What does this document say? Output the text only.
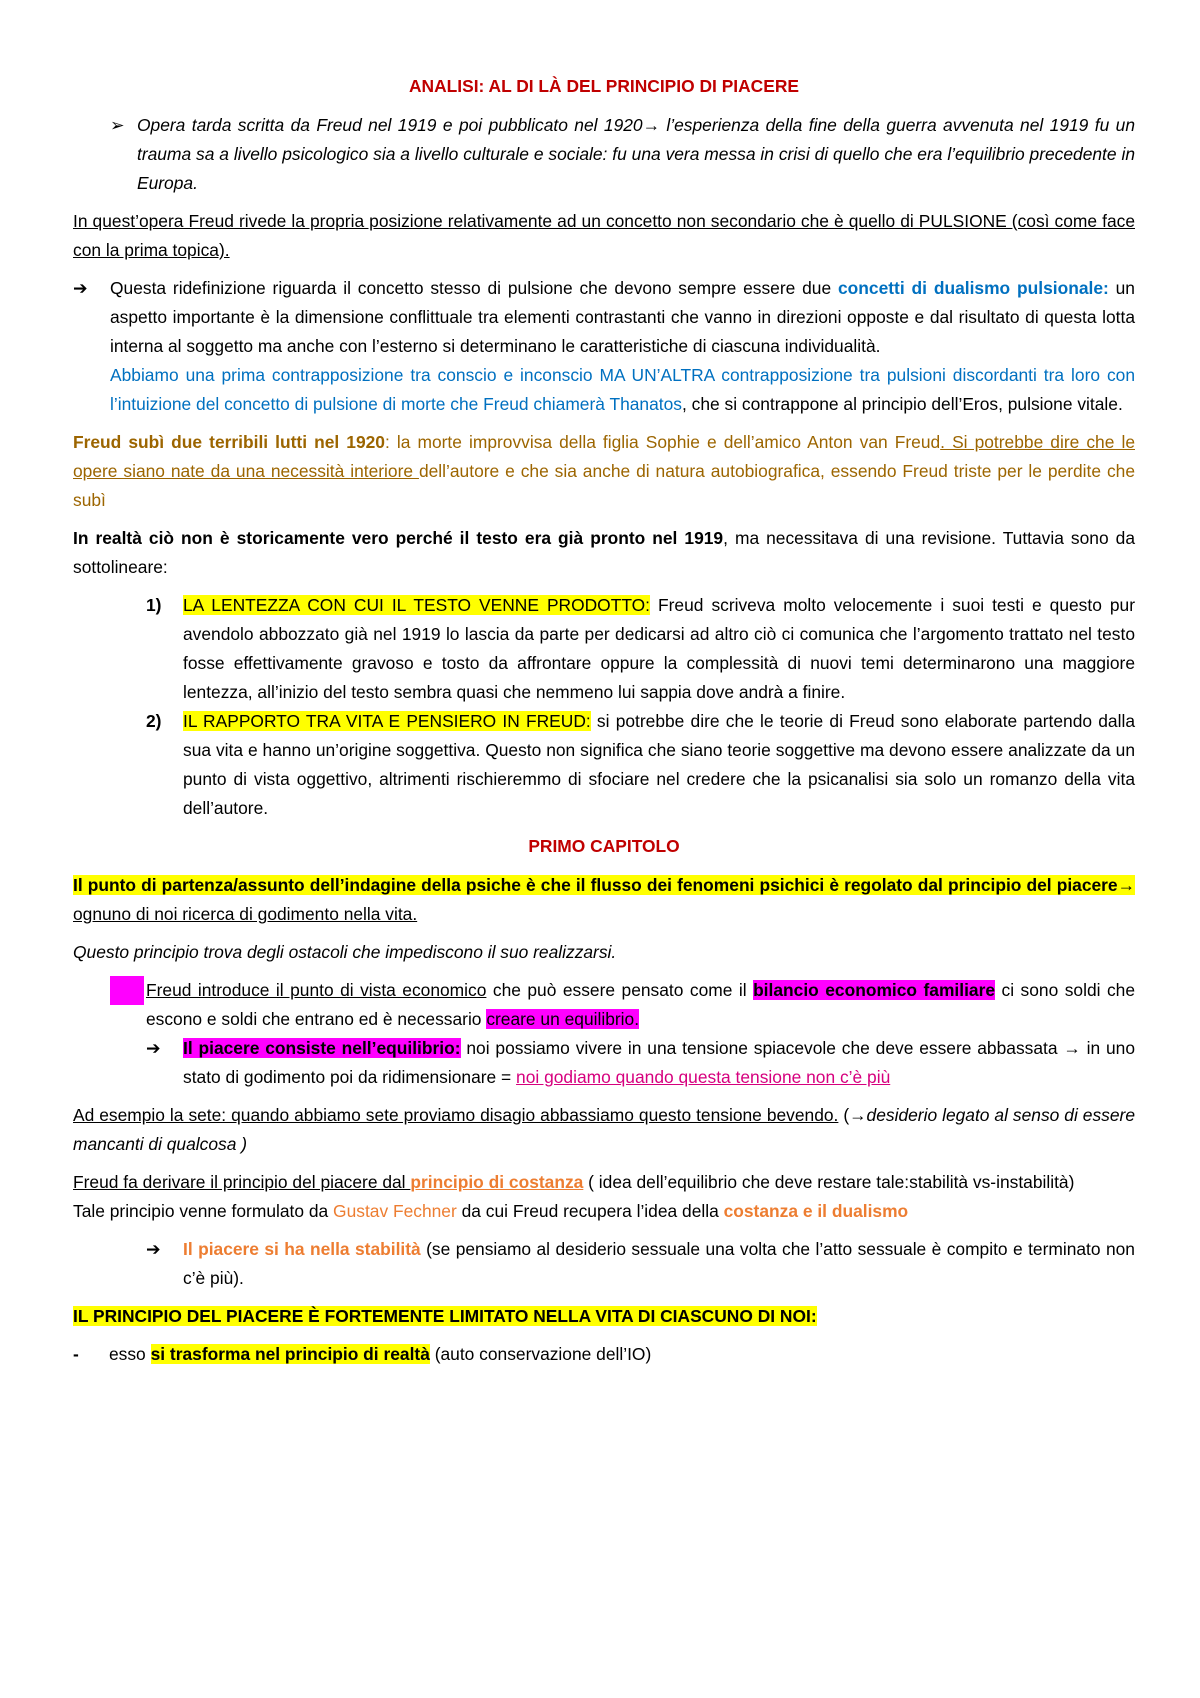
ANALISI: AL DI LÀ DEL PRINCIPIO DI PIACERE

➢ Opera tarda scritta da Freud nel 1919 e poi pubblicato nel 1920→ l’esperienza della fine della guerra avvenuta nel 1919 fu un trauma sa a livello psicologico sia a livello culturale e sociale: fu una vera messa in crisi di quello che era l’equilibrio precedente in Europa.

In quest’opera Freud rivede la propria posizione relativamente ad un concetto non secondario che è quello di PULSIONE (così come face con la prima topica).

➔	Questa ridefinizione riguarda il concetto stesso di pulsione che devono sempre essere due concetti di dualismo pulsionale: un aspetto importante è la dimensione conflittuale tra elementi contrastanti che vanno in direzioni opposte e dal risultato di questa lotta interna al soggetto ma anche con l’esterno si determinano le caratteristiche di ciascuna individualità.
Abbiamo una prima contrapposizione tra conscio e inconscio MA UN’ALTRA contrapposizione tra pulsioni discordanti tra loro con l’intuizione del concetto di pulsione di morte che Freud chiamerà Thanatos, che si contrappone al principio dell’Eros, pulsione vitale.

Freud subì due terribili lutti nel 1920: la morte improvvisa della figlia Sophie e dell’amico Anton van Freud. Si potrebbe dire che le opere siano nate da una necessità interiore dell’autore e che sia anche di natura autobiografica, essendo Freud triste per le perdite che subì

In realtà ciò non è storicamente vero perché il testo era già pronto nel 1919, ma necessitava di una revisione. Tuttavia sono da sottolineare:

1) LA LENTEZZA CON CUI IL TESTO VENNE PRODOTTO: Freud scriveva molto velocemente i suoi testi e questo pur avendolo abbozzato già nel 1919 lo lascia da parte per dedicarsi ad altro ciò ci comunica che l’argomento trattato nel testo fosse effettivamente gravoso e tosto da affrontare oppure la complessità di nuovi temi determinarono una maggiore lentezza, all’inizio del testo sembra quasi che nemmeno lui sappia dove andrà a finire.
2) IL RAPPORTO TRA VITA E PENSIERO IN FREUD: si potrebbe dire che le teorie di Freud sono elaborate partendo dalla sua vita e hanno un’origine soggettiva. Questo non significa che siano teorie soggettive ma devono essere analizzate da un punto di vista oggettivo, altrimenti rischieremmo di sfociare nel credere che la psicanalisi sia solo un romanzo della vita dell’autore.

PRIMO CAPITOLO

Il punto di partenza/assunto dell’indagine della psiche è che il flusso dei fenomeni psichici è regolato dal principio del piacere→ ognuno di noi ricerca di godimento nella vita.

Questo principio trova degli ostacoli che impediscono il suo realizzarsi.

-	Freud introduce il punto di vista economico che può essere pensato come il bilancio economico familiare ci sono soldi che escono e soldi che entrano ed è necessario creare un equilibrio.
➔ Il piacere consiste nell’equilibrio: noi possiamo vivere in una tensione spiacevole che deve essere abbassata → in uno stato di godimento poi da ridimensionare = noi godiamo quando questa tensione non c’è più

Ad esempio la sete: quando abbiamo sete proviamo disagio abbassiamo questo tensione bevendo. (→desiderio legato al senso di essere mancanti di qualcosa )

Freud fa derivare il principio del piacere dal principio di costanza ( idea dell’equilibrio che deve restare tale:stabilità vs-instabilità)
Tale principio venne formulato da Gustav Fechner da cui Freud recupera l’idea della costanza e il dualismo

➔ Il piacere si ha nella stabilità (se pensiamo al desiderio sessuale una volta che l’atto sessuale è compito e terminato non c’è più).

IL PRINCIPIO DEL PIACERE È FORTEMENTE LIMITATO NELLA VITA DI CIASCUNO DI NOI:

- esso si trasforma nel principio di realtà (auto conservazione dell’IO)
